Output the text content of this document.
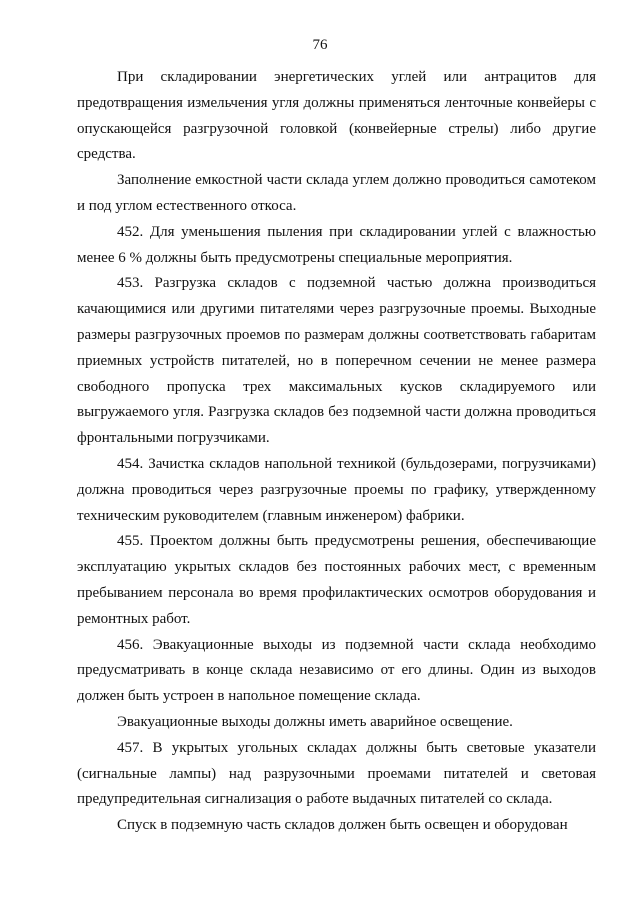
76

При складировании энергетических углей или антрацитов для предотвращения измельчения угля должны применяться ленточные конвейеры с опускающейся разгрузочной головкой (конвейерные стрелы) либо другие средства.

Заполнение емкостной части склада углем должно проводиться самотеком и под углом естественного откоса.

452. Для уменьшения пыления при складировании углей с влажностью менее 6 % должны быть предусмотрены специальные мероприятия.

453. Разгрузка складов с подземной частью должна производиться качающимися или другими питателями через разгрузочные проемы. Выходные размеры разгрузочных проемов по размерам должны соответствовать габаритам приемных устройств питателей, но в поперечном сечении не менее размера свободного пропуска трех максимальных кусков складируемого или выгружаемого угля. Разгрузка складов без подземной части должна проводиться фронтальными погрузчиками.

454. Зачистка складов напольной техникой (бульдозерами, погрузчиками) должна проводиться через разгрузочные проемы по графику, утвержденному техническим руководителем (главным инженером) фабрики.

455. Проектом должны быть предусмотрены решения, обеспечивающие эксплуатацию укрытых складов без постоянных рабочих мест, с временным пребыванием персонала во время профилактических осмотров оборудования и ремонтных работ.

456. Эвакуационные выходы из подземной части склада необходимо предусматривать в конце склада независимо от его длины. Один из выходов должен быть устроен в напольное помещение склада.

Эвакуационные выходы должны иметь аварийное освещение.

457. В укрытых угольных складах должны быть световые указатели (сигнальные лампы) над разрузочными проемами питателей и световая предупредительная сигнализация о работе выдачных питателей со склада.

Спуск в подземную часть складов должен быть освещен и оборудован
